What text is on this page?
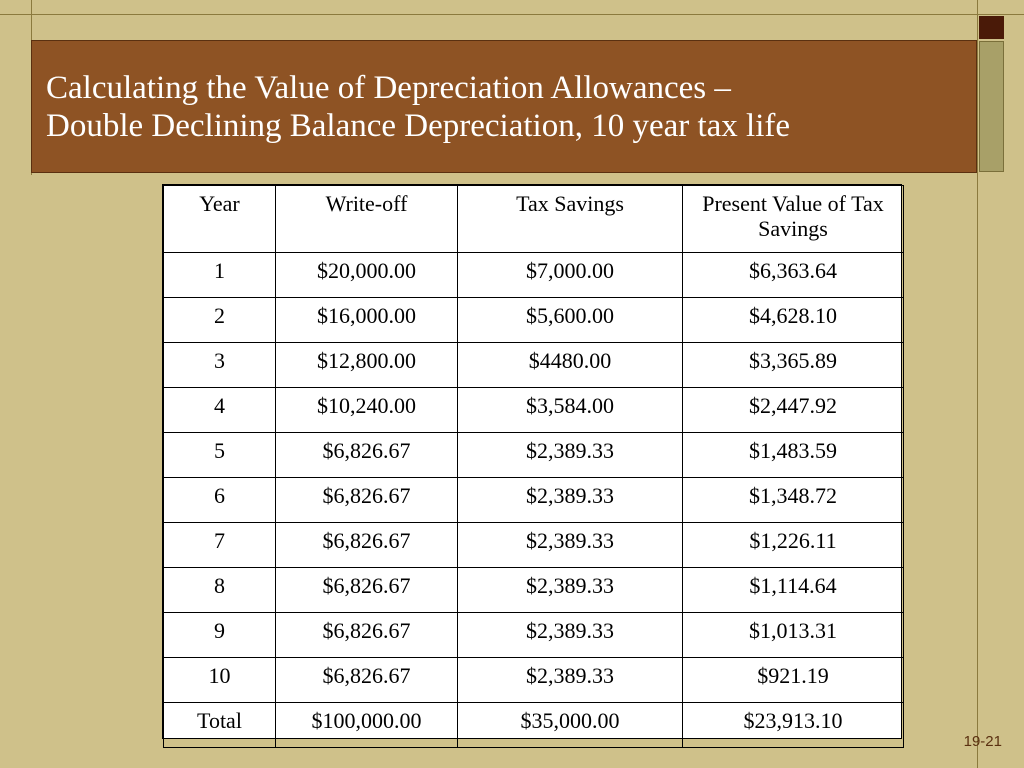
Calculating the Value of Depreciation Allowances –
Double Declining Balance Depreciation, 10 year tax life
Year	Write-off	Tax Savings	Present Value of Tax Savings
1	$20,000.00	$7,000.00	$6,363.64
2	$16,000.00	$5,600.00	$4,628.10
3	$12,800.00	$4480.00	$3,365.89
4	$10,240.00	$3,584.00	$2,447.92
5	$6,826.67	$2,389.33	$1,483.59
6	$6,826.67	$2,389.33	$1,348.72
7	$6,826.67	$2,389.33	$1,226.11
8	$6,826.67	$2,389.33	$1,114.64
9	$6,826.67	$2,389.33	$1,013.31
10	$6,826.67	$2,389.33	$921.19
Total	$100,000.00	$35,000.00	$23,913.10
19-21
